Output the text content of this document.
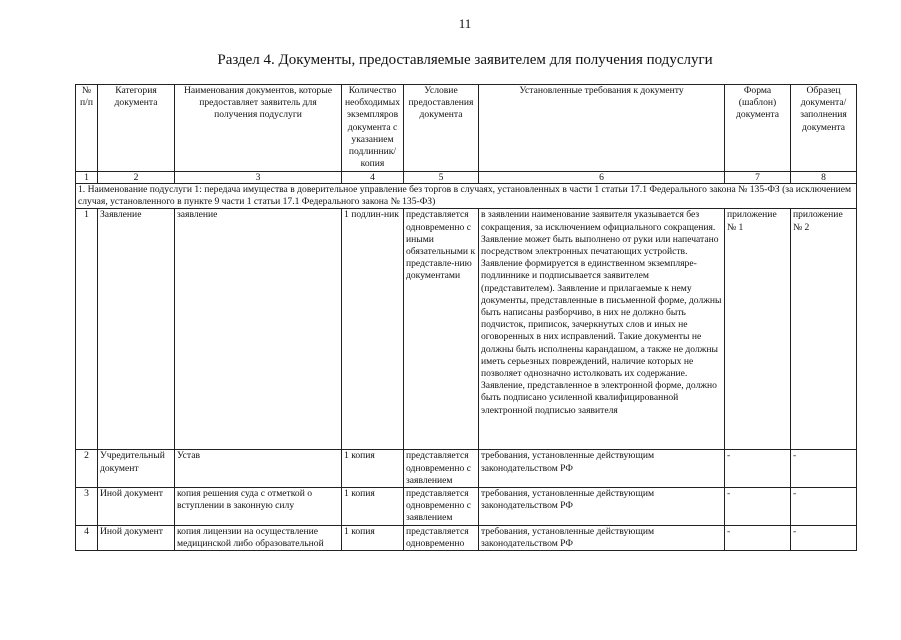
11
Раздел 4. Документы, предоставляемые заявителем для получения подуслуги
№ п/п	Категория документа	Наименования документов, которые предоставляет заявитель для получения подуслуги	Количество необходимых экземпляров документа с указанием подлинник/ копия	Условие предоставления документа	Установленные требования к документу	Форма (шаблон) документа	Образец документа/ заполнения документа
1	2	3	4	5	6	7	8
1. Наименование подуслуги 1: передача имущества в доверительное управление без торгов в случаях, установленных в части 1 статьи 17.1 Федерального закона № 135-ФЗ (за исключением случая, установленного в пункте 9 части 1 статьи 17.1 Федерального закона № 135-ФЗ)							
1	Заявление	заявление	1 подлин-ник	представляется одновременно с иными обязательными к представле-нию документами	в заявлении наименование заявителя указывается без сокращения, за исключением официального сокращения. Заявление может быть выполнено от руки или напечатано посредством электронных печатающих устройств. Заявление формируется в единственном экземпляре-подлиннике и подписывается заявителем (представителем). Заявление и прилагаемые к нему документы, представленные в письменной форме, должны быть написаны разборчиво, в них не должно быть подчисток, приписок, зачеркнутых слов и иных не оговоренных в них исправлений. Такие документы не должны быть исполнены карандашом, а также не должны иметь серьезных повреждений, наличие которых не позволяет однозначно истолковать их содержание. Заявление, представленное в электронной форме, должно быть подписано усиленной квалифицированной электронной подписью заявителя	приложение № 1	приложение № 2
2	Учредительный документ	Устав	1 копия	представляется одновременно с заявлением	требования, установленные действующим законодательством РФ	-	-
3	Иной документ	копия решения суда с отметкой о вступлении в законную силу	1 копия	представляется одновременно с заявлением	требования, установленные действующим законодательством РФ	-	-
4	Иной документ	копия лицензии на осуществление медицинской либо образовательной	1 копия	представляется одновременно	требования, установленные действующим законодательством РФ	-	-
